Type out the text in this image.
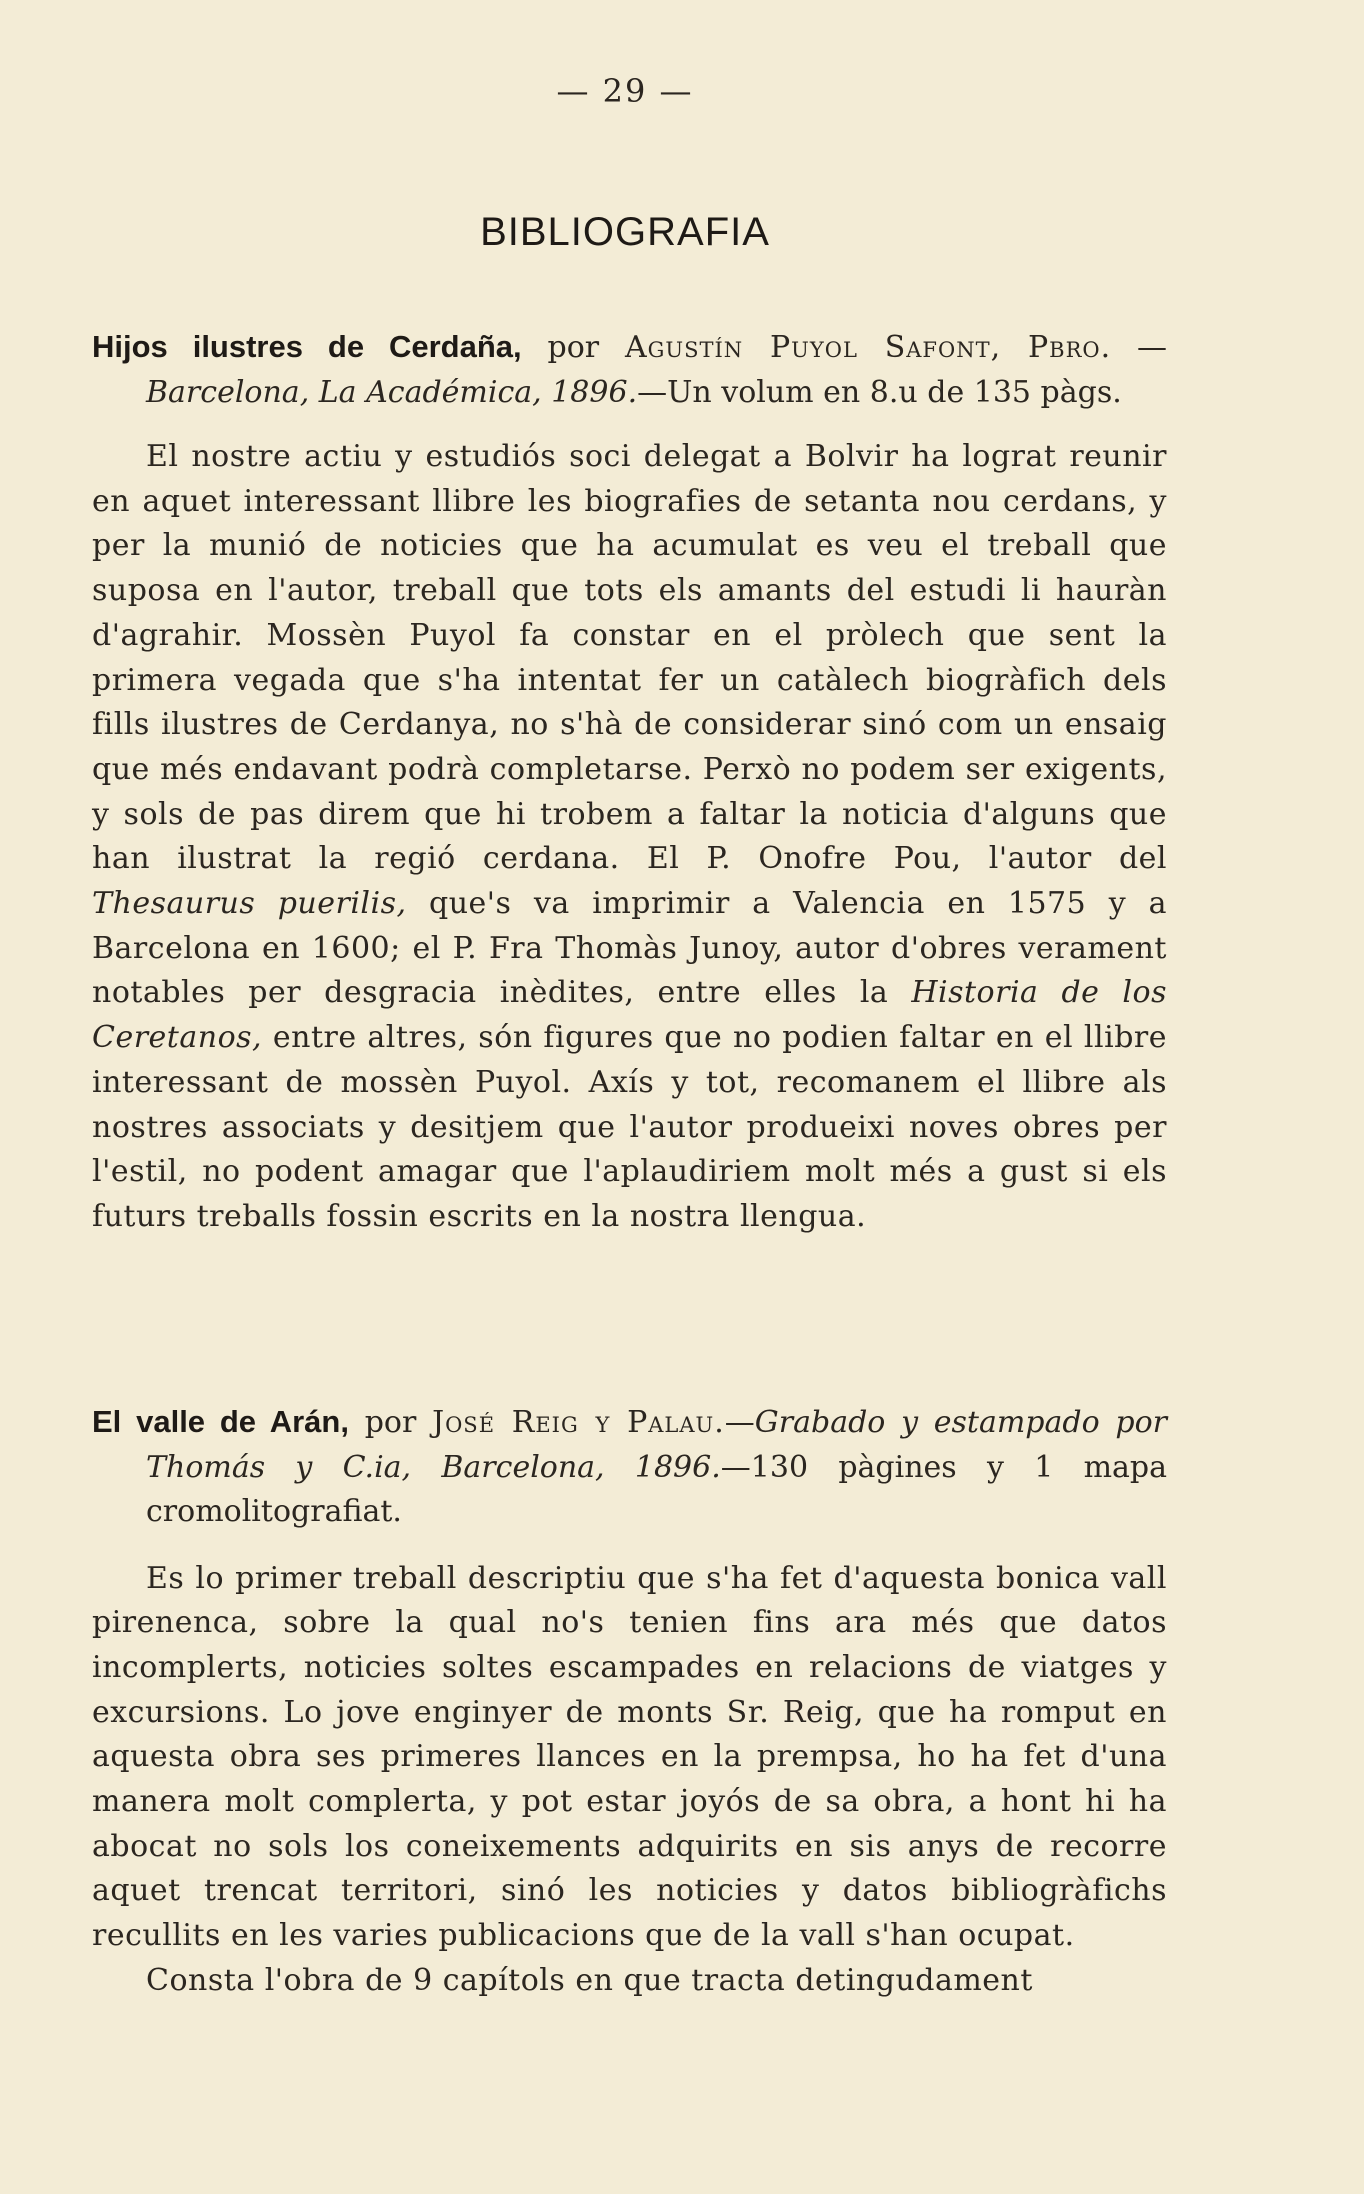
— 29 —
BIBLIOGRAFIA

Hijos ilustres de Cerdaña, por Agustín Puyol Safont, Pbro. —Barcelona, La Académica, 1896.—Un volum en 8.u de 135 pàgs.

El nostre actiu y estudiós soci delegat a Bolvir ha lograt reunir en aquet interessant llibre les biografies de setanta nou cerdans, y per la munió de noticies que ha acumulat es veu el treball que suposa en l'autor, treball que tots els amants del estudi li hauràn d'agrahir. Mossèn Puyol fa constar en el pròlech que sent la primera vegada que s'ha intentat fer un catàlech biogràfich dels fills ilustres de Cerdanya, no s'hà de considerar sinó com un ensaig que més endavant podrà completarse. Perxò no podem ser exigents, y sols de pas direm que hi trobem a faltar la noticia d'alguns que han ilustrat la regió cerdana. El P. Onofre Pou, l'autor del Thesaurus puerilis, que's va imprimir a Valencia en 1575 y a Barcelona en 1600; el P. Fra Thomàs Junoy, autor d'obres verament notables per desgracia inèdites, entre elles la Historia de los Ceretanos, entre altres, són figures que no podien faltar en el llibre interessant de mossèn Puyol. Axís y tot, recomanem el llibre als nostres associats y desitjem que l'autor produeixi noves obres per l'estil, no podent amagar que l'aplaudiriem molt més a gust si els futurs treballs fossin escrits en la nostra llengua.

El valle de Arán, por José Reig y Palau.—Grabado y estampado por Thomás y C.ia, Barcelona, 1896.—130 pàgines y 1 mapa cromolitografiat.

Es lo primer treball descriptiu que s'ha fet d'aquesta bonica vall pirenenca, sobre la qual no's tenien fins ara més que datos incomplerts, noticies soltes escampades en relacions de viatges y excursions. Lo jove enginyer de monts Sr. Reig, que ha romput en aquesta obra ses primeres llances en la prempsa, ho ha fet d'una manera molt complerta, y pot estar joyós de sa obra, a hont hi ha abocat no sols los coneixements adquirits en sis anys de recorre aquet trencat territori, sinó les noticies y datos bibliogràfichs recullits en les varies publicacions que de la vall s'han ocupat.

Consta l'obra de 9 capítols en que tracta detingudament
